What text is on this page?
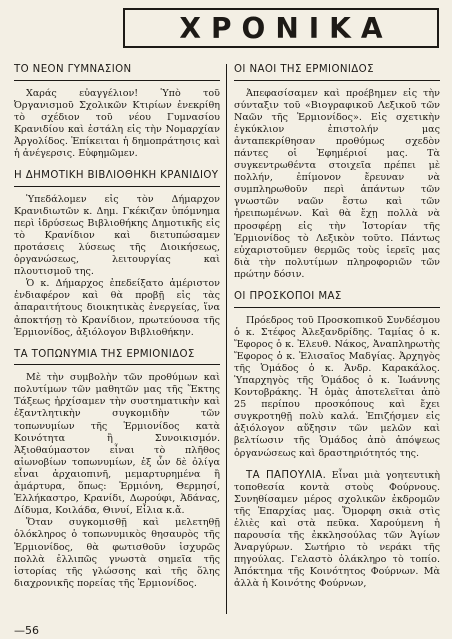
ΧΡΟΝΙΚΑ
ΤΟ ΝΕΟΝ ΓΥΜΝΑΣΙΟΝ

Χαράς εὐαγγέλιον! Ὑπὸ τοῦ Ὀργανισμοῦ Σχολικῶν Κτιρίων ἐνεκρίθη τὸ σχέδιον τοῦ νέου Γυμνασίου Κρανιδίου καὶ ἐστάλη εἰς τὴν Νομαρχίαν Ἀργολίδος. Ἐπίκειται ἡ δημοπράτησις καὶ ἡ ἀνέγερσις. Εὐφημῶμεν.

Η ΔΗΜΟΤΙΚΗ ΒΙΒΛΙΟΘΗΚΗ ΚΡΑΝΙΔΙΟΥ

Ὑπεδάλομεν εἰς τὸν Δήμαρχον Κρανιδιωτῶν κ. Δημ. Γκέκιζαν ὑπόμνημα περὶ ἱδρύσεως Βιβλιοθήκης Δημοτικῆς εἰς τὸ Κρανίδιον καὶ διετυπώσαμεν προτάσεις λύσεως τῆς Διοικήσεως, ὀργανώσεως, λειτουργίας καὶ πλουτισμοῦ της.

Ὁ κ. Δήμαρχος ἐπεδείξατο ἀμέριστον ἐνδιαφέρον καὶ θὰ προβῇ εἰς τὰς ἀπαραιτήτους διοικητικὰς ἐνεργείας, ἵνα ἀποκτήσῃ τὸ Κρανίδιον, πρωτεύουσα τῆς Ἑρμιονίδος, ἀξιόλογον Βιβλιοθήκην.

ΤΑ ΤΟΠΩΝΥΜΙΑ ΤΗΣ ΕΡΜΙΟΝΙΔΟΣ

Μὲ τὴν συμβολὴν τῶν προθύμων καὶ πολυτίμων τῶν μαθητῶν μας τῆς Ἕκτης Τάξεως ἠρχίσαμεν τὴν συστηματικὴν καὶ ἐξαντλητικὴν συγκομιδὴν τῶν τοπωνυμίων τῆς Ἑρμιονίδος κατὰ Κοινότητα ἢ Συνοικισμόν. Ἀξιοθαύμαστον εἶναι τὸ πλῆθος αἰωνοβίων τοπωνυμίων, ἐξ ὧν δὲ ὀλίγα εἶναι ἀρχαιοπινῆ, μεμαρτυρημένα ἢ ἀμάρτυρα, ὅπως: Ἑρμιόνη, Θερμησί, Ἑλλήκαστρο, Κρανίδι, Δωρούφι, Ἀδάνας, Δίδυμα, Κοιλάδα, Θινυί, Εἶλια κ.ἄ.

Ὅταν συγκομισθῇ καὶ μελετηθῇ ὁλόκληρος ὁ τοπωνυμικὸς θησαυρὸς τῆς Ἑρμιονίδος, θὰ φωτισθοῦν ἰσχυρῶς πολλὰ ἐλλιπῶς γνωστὰ σημεῖα τῆς ἱστορίας τῆς γλώσσης καὶ τῆς ὅλης διαχρονικῆς πορείας τῆς Ἑρμιονίδος.

ΟΙ ΝΑΟΙ ΤΗΣ ΕΡΜΙΟΝΙΔΟΣ

Ἀπεφασίσαμεν καὶ προέβημεν εἰς τὴν σύνταξιν τοῦ «Βιογραφικοῦ Λεξικοῦ τῶν Ναῶν τῆς Ἑρμιονίδος». Εἰς σχετικὴν ἐγκύκλιον ἐπιστολήν μας ἀνταπεκρίθησαν προθύμως σχεδὸν πάντες οἱ Ἐφημέριοί μας. Τὰ συγκεντρωθέντα στοιχεῖα πρέπει μὲ πολλήν, ἐπίμονον ἔρευναν νὰ συμπληρωθοῦν περὶ ἁπάντων τῶν γνωστῶν ναῶν ἔστω καὶ τῶν ἠρειπωμένων. Καὶ θὰ ἔχῃ πολλὰ νὰ προσφέρῃ εἰς τὴν Ἱστορίαν τῆς Ἑρμιονίδος τὸ Λεξικὸν τοῦτο. Πάντως εὐχαριστοῦμεν θερμῶς τοὺς ἱερεῖς μας διὰ τὴν πολυτίμων πληροφοριῶν τῶν πρώτην δόσιν.

ΟΙ ΠΡΟΣΚΟΠΟΙ ΜΑΣ

Πρόεδρος τοῦ Προσκοπικοῦ Συνδέσμου ὁ κ. Στέφος Ἀλεξανδρίδης. Ταμίας ὁ κ. Ἔφορος ὁ κ. Ἐλευθ. Νάκος, Ἀναπληρωτὴς Ἔφορος ὁ κ. Ἐλισαῖος Μαδγίας. Ἀρχηγὸς τῆς Ὁμάδος ὁ κ. Ἀνδρ. Καρακάλος. Ὑπαρχηγὸς τῆς Ὁμάδος ὁ κ. Ἰωάννης Κοντοβράκης. Ἡ ὁμὰς ἀποτελεῖται ἀπὸ 25 περίπου προσκόπους καὶ ἔχει συγκροτηθῇ πολὺ καλά. Ἐπιζήσμεν εἰς ἀξιόλογον αὔξησιν τῶν μελῶν καὶ βελτίωσιν τῆς Ὁμάδος ἀπὸ ἀπόψεως ὀργανώσεως καὶ δραστηριότητός της.

ΤΑ ΠΑΠΟΥΛΙΑ. Εἶναι μιὰ γοητευτικὴ τοποθεσία κοντὰ στοὺς Φούρνους. Συνηθίσαμεν μέρος σχολικῶν ἐκδρομῶν τῆς Ἐπαρχίας μας. Ὄμορφη σκιὰ στὶς ἐλιὲς καὶ στὰ πεῦκα. Χαρούμενη ἡ παρουσία τῆς ἐκκλησούλας τῶν Ἁγίων Ἀναργύρων. Σωτήριο τὸ νεράκι τῆς πηγούλας. Γελαστὸ ὁλάκληρο τὸ τοπίο. Ἀπόκτημα τῆς Κοινότητος Φούρνων. Μὰ ἀλλὰ ἡ Κοινότης Φούρνων,

—56
